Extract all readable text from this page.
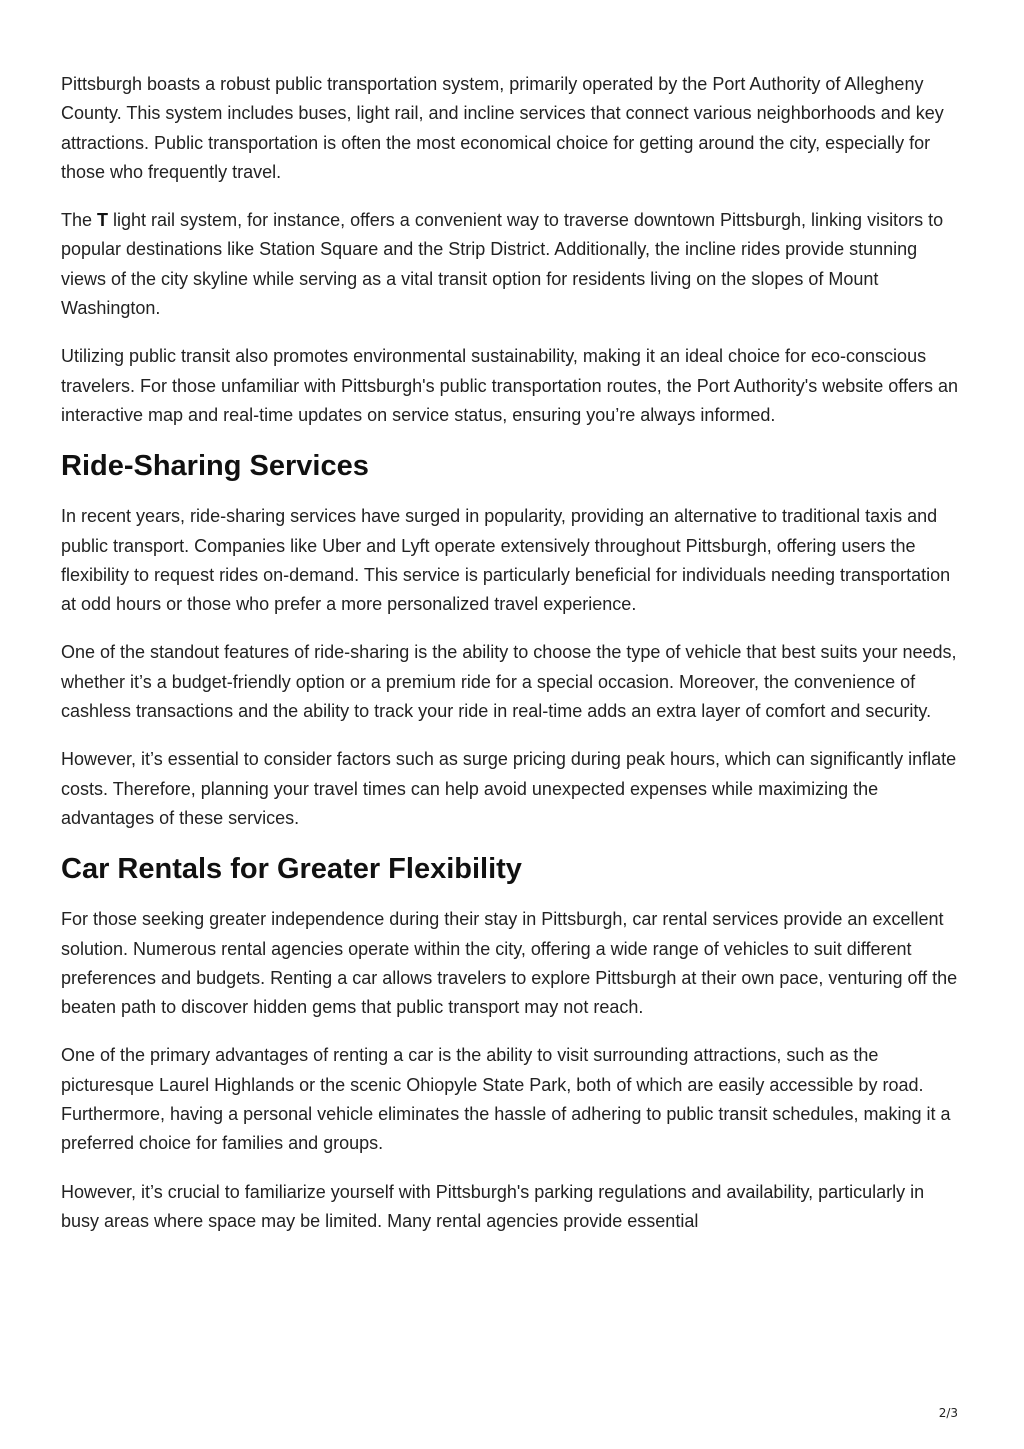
Pittsburgh boasts a robust public transportation system, primarily operated by the Port Authority of Allegheny County. This system includes buses, light rail, and incline services that connect various neighborhoods and key attractions. Public transportation is often the most economical choice for getting around the city, especially for those who frequently travel.

The T light rail system, for instance, offers a convenient way to traverse downtown Pittsburgh, linking visitors to popular destinations like Station Square and the Strip District. Additionally, the incline rides provide stunning views of the city skyline while serving as a vital transit option for residents living on the slopes of Mount Washington.

Utilizing public transit also promotes environmental sustainability, making it an ideal choice for eco-conscious travelers. For those unfamiliar with Pittsburgh's public transportation routes, the Port Authority's website offers an interactive map and real-time updates on service status, ensuring you’re always informed.

Ride-Sharing Services

In recent years, ride-sharing services have surged in popularity, providing an alternative to traditional taxis and public transport. Companies like Uber and Lyft operate extensively throughout Pittsburgh, offering users the flexibility to request rides on-demand. This service is particularly beneficial for individuals needing transportation at odd hours or those who prefer a more personalized travel experience.

One of the standout features of ride-sharing is the ability to choose the type of vehicle that best suits your needs, whether it’s a budget-friendly option or a premium ride for a special occasion. Moreover, the convenience of cashless transactions and the ability to track your ride in real-time adds an extra layer of comfort and security.

However, it’s essential to consider factors such as surge pricing during peak hours, which can significantly inflate costs. Therefore, planning your travel times can help avoid unexpected expenses while maximizing the advantages of these services.

Car Rentals for Greater Flexibility

For those seeking greater independence during their stay in Pittsburgh, car rental services provide an excellent solution. Numerous rental agencies operate within the city, offering a wide range of vehicles to suit different preferences and budgets. Renting a car allows travelers to explore Pittsburgh at their own pace, venturing off the beaten path to discover hidden gems that public transport may not reach.

One of the primary advantages of renting a car is the ability to visit surrounding attractions, such as the picturesque Laurel Highlands or the scenic Ohiopyle State Park, both of which are easily accessible by road. Furthermore, having a personal vehicle eliminates the hassle of adhering to public transit schedules, making it a preferred choice for families and groups.

However, it’s crucial to familiarize yourself with Pittsburgh's parking regulations and availability, particularly in busy areas where space may be limited. Many rental agencies provide essential

2/3
